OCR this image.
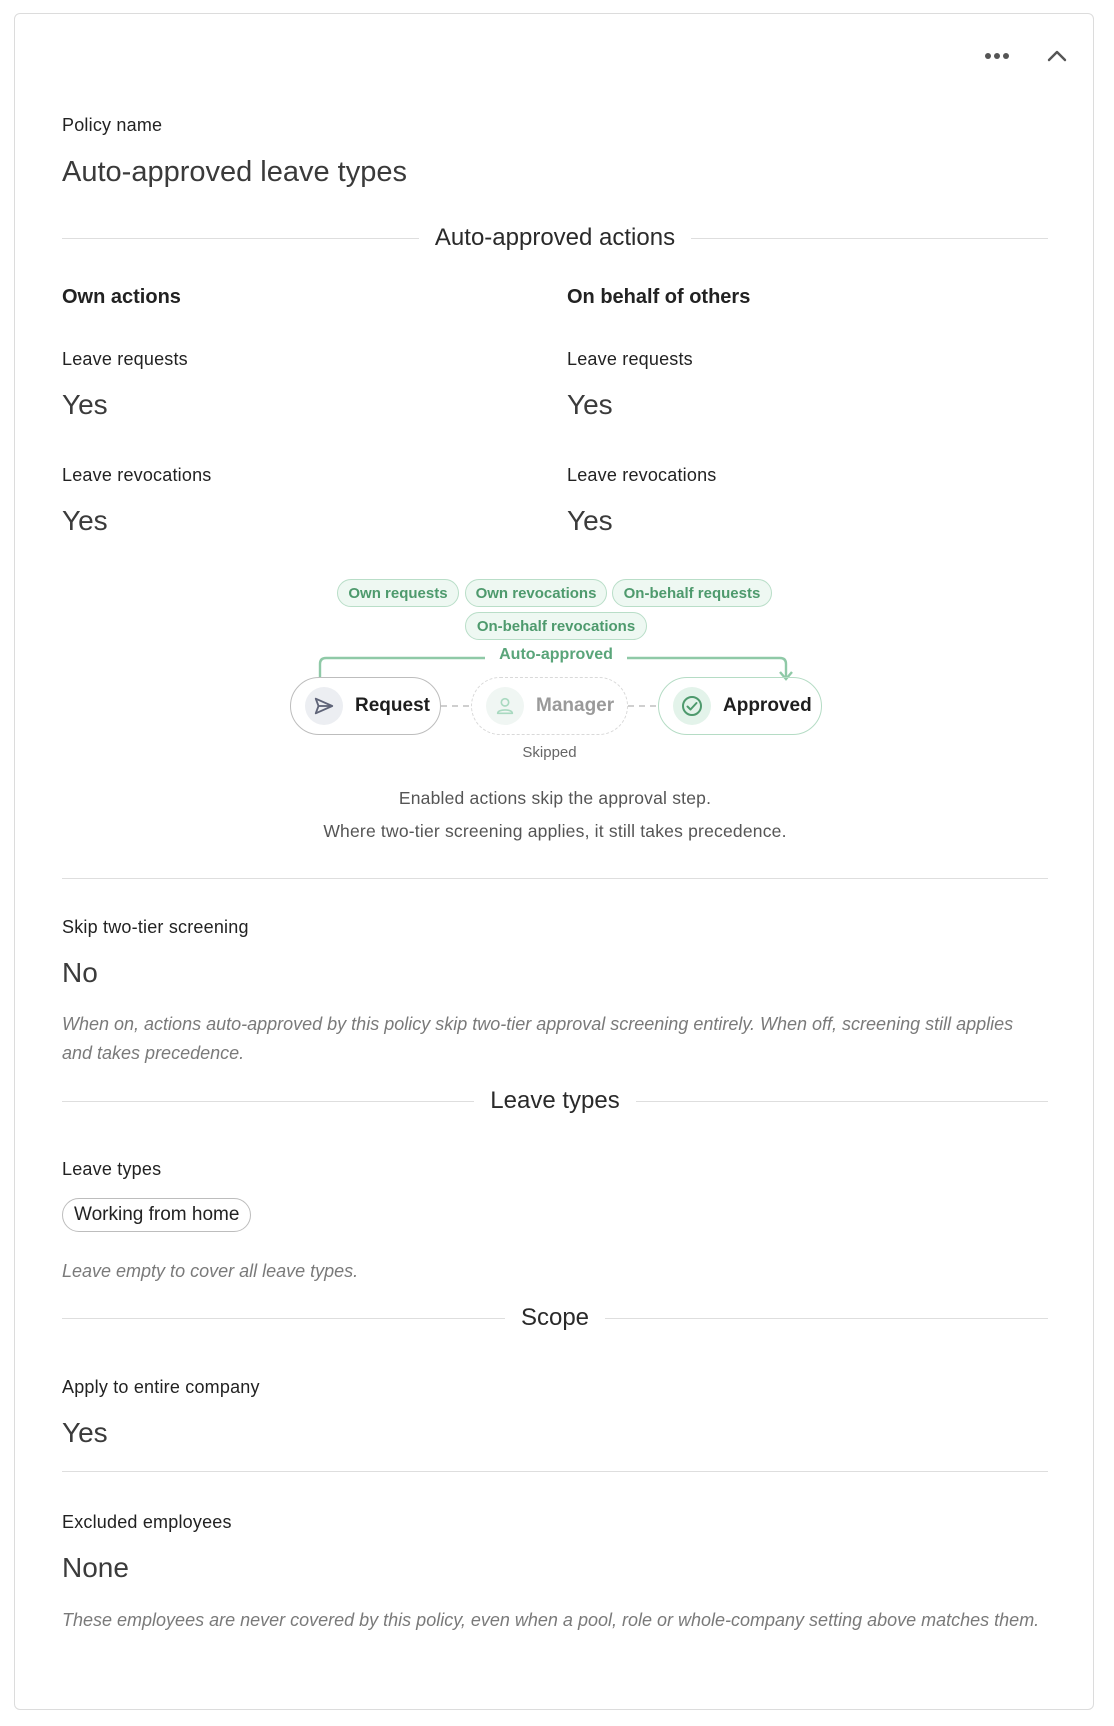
Policy name
Auto-approved leave types
Auto-approved actions
Own actions
Leave requests
Yes
Leave revocations
Yes
On behalf of others
Leave requests
Yes
Leave revocations
Yes
Own requests	Own revocations	On-behalf requests
On-behalf revocations
Auto-approved
Request	Manager	Approved
Skipped
Enabled actions skip the approval step.
Where two-tier screening applies, it still takes precedence.
Skip two-tier screening
No
When on, actions auto-approved by this policy skip two-tier approval screening entirely. When off, screening still applies and takes precedence.
Leave types
Leave types
Working from home
Leave empty to cover all leave types.
Scope
Apply to entire company
Yes
Excluded employees
None
These employees are never covered by this policy, even when a pool, role or whole-company setting above matches them.
